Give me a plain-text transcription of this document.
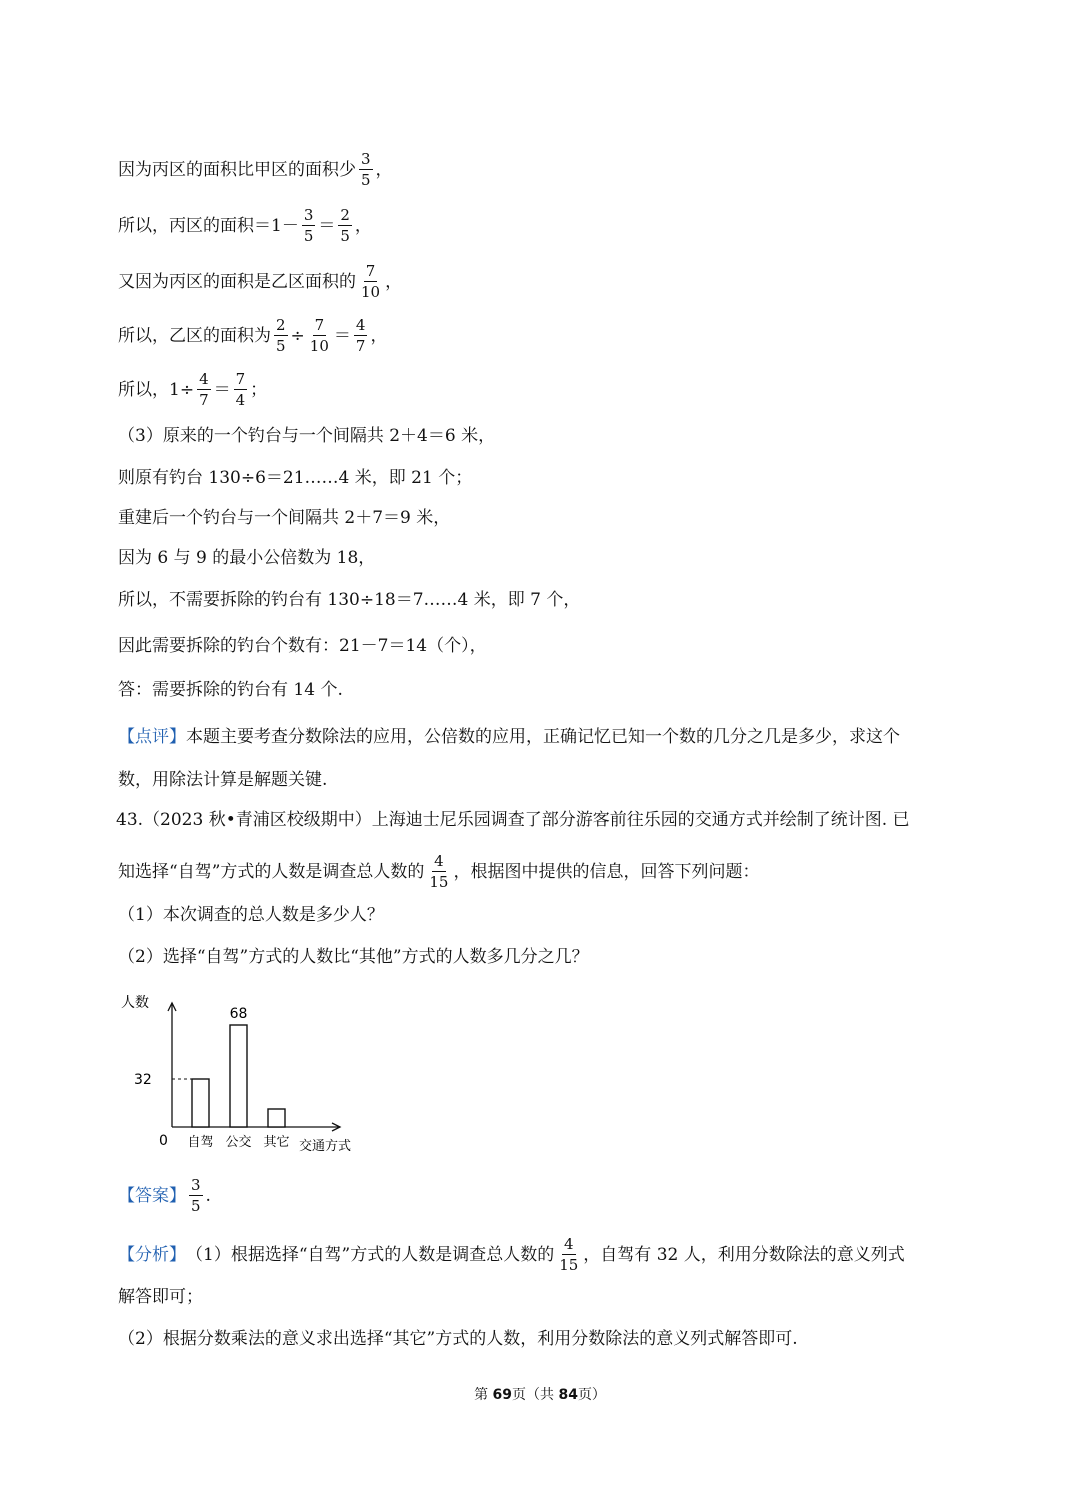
因为丙区的面积比甲区的面积少 $\frac{3}{5}$ ，
所以，丙区的面积$=1- \frac{3}{5} = \frac{2}{5}$ ，
又因为丙区的面积是乙区面积的 $\frac{7}{10}$ ，
所以，乙区的面积为 $\frac{2}{5} \div \frac{7}{10} = \frac{4}{7}$ ，
所以，$1\div \frac{4}{7} = \frac{7}{4}$ ；
（3）原来的一个钓台与一个间隔共 2＋4＝6 米，
则原有钓台 130÷6＝21……4 米，即 21 个；
重建后一个钓台与一个间隔共 2＋7＝9 米，
因为 6 与 9 的最小公倍数为 18，
所以，不需要拆除的钓台有 130÷18＝7……4 米，即 7 个，
因此需要拆除的钓台个数有：21－7＝14（个），
答：需要拆除的钓台有 14 个.
【点评】 本题主要考查分数除法的应用，公倍数的应用，正确记忆已知一个数的几分之几是多少，求这个
数，用除法计算是解题关键.
43.（2023 秋•青浦区校级期中）上海迪士尼乐园调查了部分游客前往乐园的交通方式并绘制了统计图. 已
知选择“自驾”方式的人数是调查总人数的 $\frac{4}{15}$ ，根据图中提供的信息，回答下列问题：
（1）本次调查的总人数是多少人？
（2）选择“自驾”方式的人数比“其他”方式的人数多几分之几？
人数
交通方式
0 自驾 公交 其它
32
68
【答案】 $\frac{3}{5}$ .
【分析】 （1）根据选择“自驾”方式的人数是调查总人数的 $\frac{4}{15}$ ，自驾有 32 人，利用分数除法的意义列式
解答即可；
（2）根据分数乘法的意义求出选择“其它”方式的人数，利用分数除法的意义列式解答即可.
第 69页（共 84页）
